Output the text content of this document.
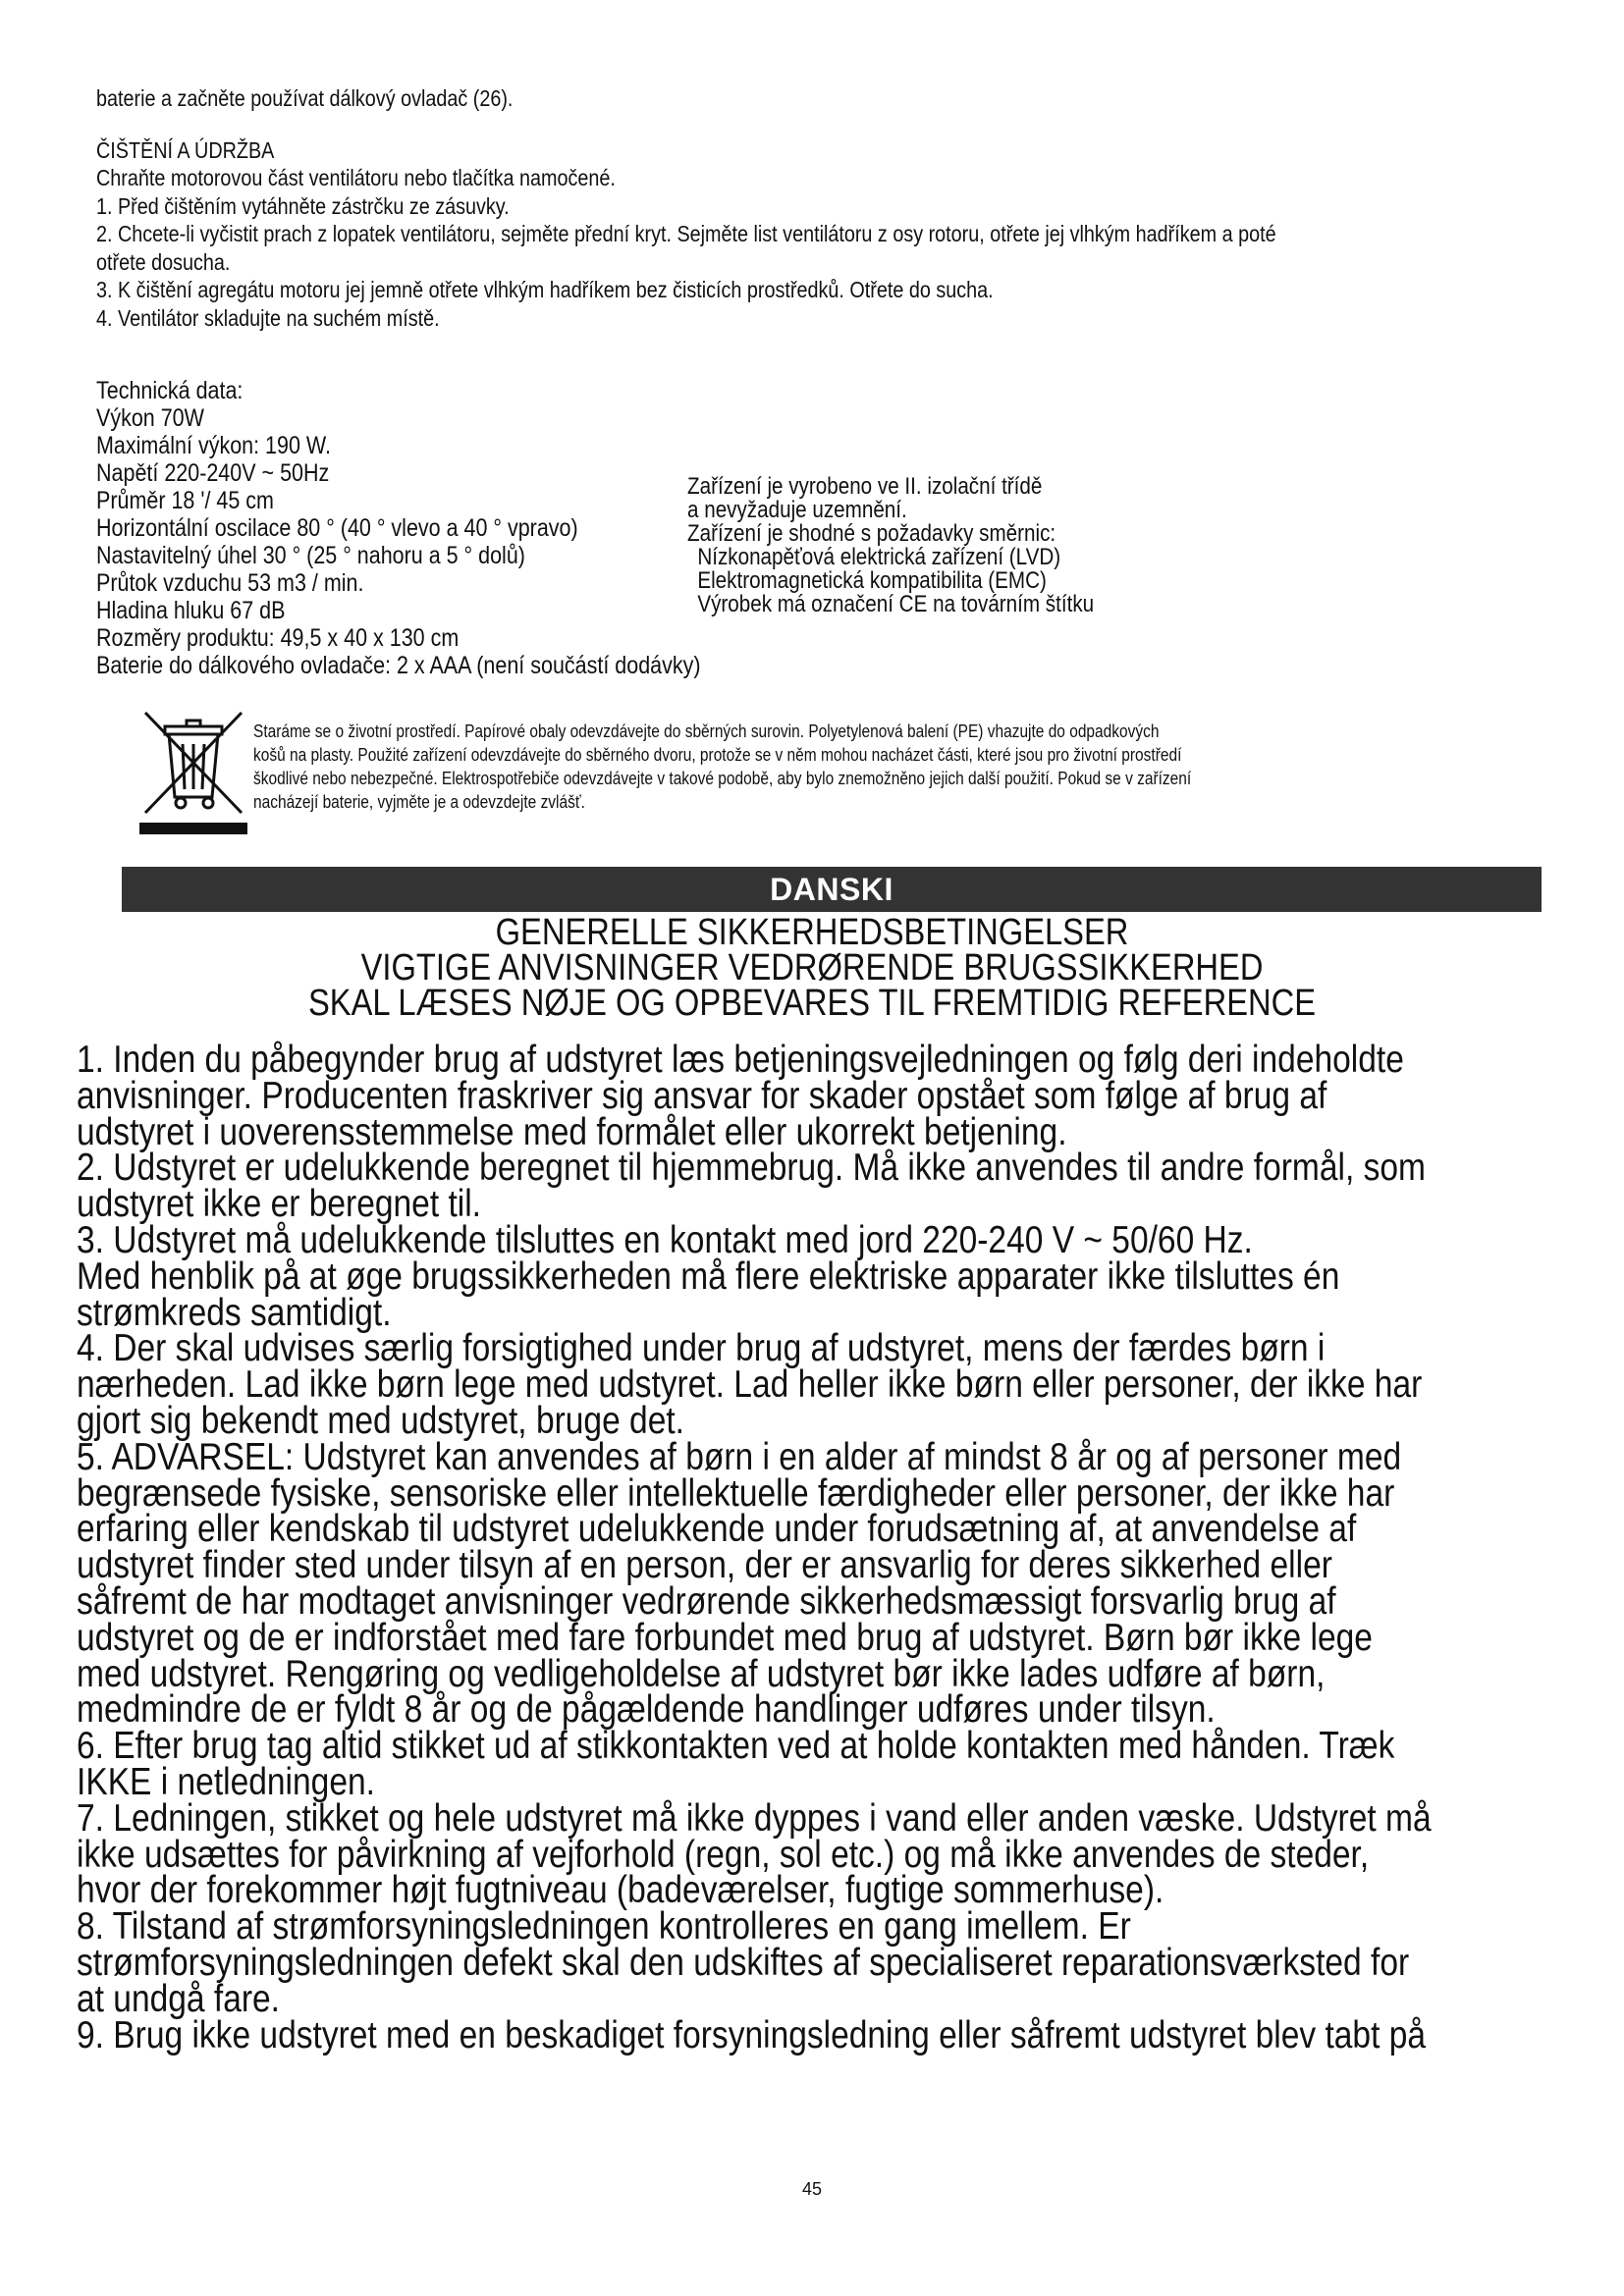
baterie a začněte používat dálkový ovladač (26).

ČIŠTĚNÍ A ÚDRŽBA

Chraňte motorovou část ventilátoru nebo tlačítka namočené.

1. Před čištěním vytáhněte zástrčku ze zásuvky.

2. Chcete-li vyčistit prach z lopatek ventilátoru, sejměte přední kryt. Sejměte list ventilátoru z osy rotoru, otřete jej vlhkým hadříkem a poté

otřete dosucha.

3. K čištění agregátu motoru jej jemně otřete vlhkým hadříkem bez čisticích prostředků. Otřete do sucha.

4. Ventilátor skladujte na suchém místě.

Technická data:

Výkon 70W

Maximální výkon: 190 W.

Napětí 220-240V ~ 50Hz

Průměr 18 '/ 45 cm

Horizontální oscilace 80 ° (40 ° vlevo a 40 ° vpravo)

Nastavitelný úhel 30 ° (25 ° nahoru a 5 ° dolů)

Průtok vzduchu 53 m3 / min.

Hladina hluku 67 dB

Rozměry produktu: 49,5 x 40 x 130 cm

Baterie do dálkového ovladače: 2 x AAA (není součástí dodávky)

Zařízení je vyrobeno ve II. izolační třídě

a nevyžaduje uzemnění.

Zařízení je shodné s požadavky směrnic:

Nízkonapěťová elektrická zařízení (LVD)

Elektromagnetická kompatibilita (EMC)

Výrobek má označení CE na továrním štítku

Staráme se o životní prostředí. Papírové obaly odevzdávejte do sběrných surovin. Polyetylenová balení (PE) vhazujte do odpadkových

košů na plasty. Použité zařízení odevzdávejte do sběrného dvoru, protože se v něm mohou nacházet části, které jsou pro životní prostředí

škodlivé nebo nebezpečné. Elektrospotřebiče odevzdávejte v takové podobě, aby bylo znemožněno jejich další použití. Pokud se v zařízení

nacházejí baterie, vyjměte je a odevzdejte zvlášť.

DANSKI

GENERELLE SIKKERHEDSBETINGELSER

VIGTIGE ANVISNINGER VEDRØRENDE BRUGSSIKKERHED

SKAL LÆSES NØJE OG OPBEVARES TIL FREMTIDIG REFERENCE

1. Inden du påbegynder brug af udstyret læs betjeningsvejledningen og følg deri indeholdte

anvisninger. Producenten fraskriver sig ansvar for skader opstået som følge af brug af

udstyret i uoverensstemmelse med formålet eller ukorrekt betjening.

2. Udstyret er udelukkende beregnet til hjemmebrug. Må ikke anvendes til andre formål, som

udstyret ikke er beregnet til.

3. Udstyret må udelukkende tilsluttes en kontakt med jord 220-240 V ~ 50/60 Hz.

Med henblik på at øge brugssikkerheden må flere elektriske apparater ikke tilsluttes én

strømkreds samtidigt.

4. Der skal udvises særlig forsigtighed under brug af udstyret, mens der færdes børn i

nærheden. Lad ikke børn lege med udstyret. Lad heller ikke børn eller personer, der ikke har

gjort sig bekendt med udstyret, bruge det.

5. ADVARSEL: Udstyret kan anvendes af børn i en alder af mindst 8 år og af personer med

begrænsede fysiske, sensoriske eller intellektuelle færdigheder eller personer, der ikke har

erfaring eller kendskab til udstyret udelukkende under forudsætning af, at anvendelse af

udstyret finder sted under tilsyn af en person, der er ansvarlig for deres sikkerhed eller

såfremt de har modtaget anvisninger vedrørende sikkerhedsmæssigt forsvarlig brug af

udstyret og de er indforstået med fare forbundet med brug af udstyret. Børn bør ikke lege

med udstyret. Rengøring og vedligeholdelse af udstyret bør ikke lades udføre af børn,

medmindre de er fyldt 8 år og de pågældende handlinger udføres under tilsyn.

6. Efter brug tag altid stikket ud af stikkontakten ved at holde kontakten med hånden. Træk

IKKE i netledningen.

7. Ledningen, stikket og hele udstyret må ikke dyppes i vand eller anden væske. Udstyret må

ikke udsættes for påvirkning af vejforhold (regn, sol etc.) og må ikke anvendes de steder,

hvor der forekommer højt fugtniveau (badeværelser, fugtige sommerhuse).

8. Tilstand af strømforsyningsledningen kontrolleres en gang imellem. Er

strømforsyningsledningen defekt skal den udskiftes af specialiseret reparationsværksted for

at undgå fare.

9. Brug ikke udstyret med en beskadiget forsyningsledning eller såfremt udstyret blev tabt på

45
